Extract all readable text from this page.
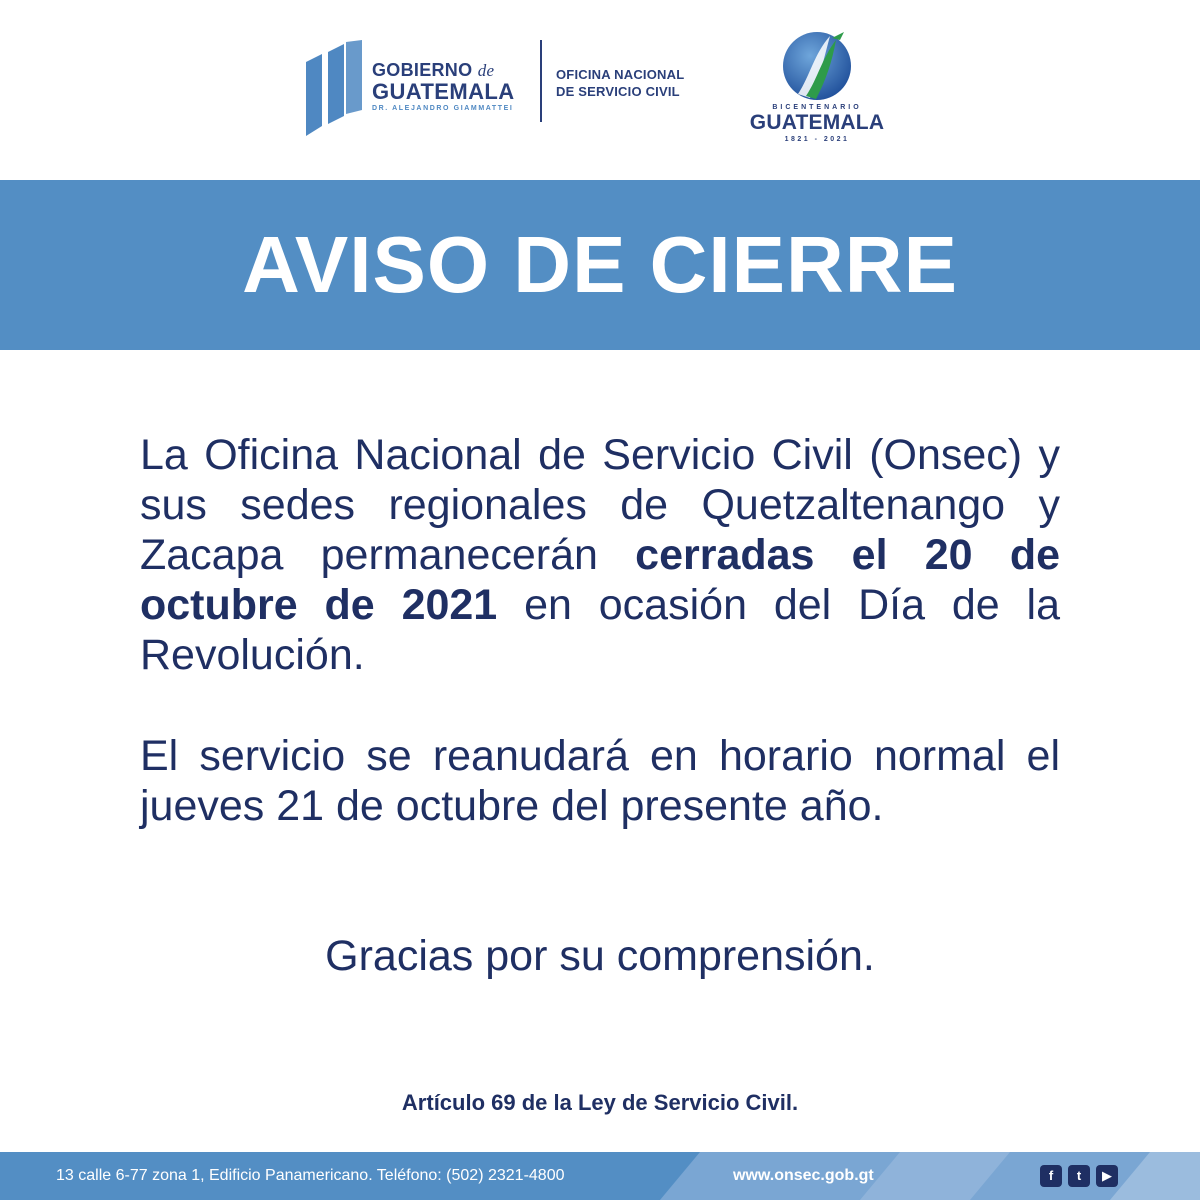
GOBIERNO de
GUATEMALA
DR. ALEJANDRO GIAMMATTEI
OFICINA NACIONAL
DE SERVICIO CIVIL
BICENTENARIO
GUATEMALA
1821 - 2021
AVISO DE CIERRE

La Oficina Nacional de Servicio Civil (Onsec) y sus sedes regionales de Quetzaltenango y Zacapa permanecerán cerradas el 20 de octubre de 2021 en ocasión del Día de la Revolución.

El servicio se reanudará en horario normal el jueves 21 de octubre del presente año.

Gracias por su comprensión.

Artículo 69 de la Ley de Servicio Civil.

13 calle 6-77 zona 1, Edificio Panamericano. Teléfono: (502) 2321-4800	www.onsec.gob.gt	f	t	▶
